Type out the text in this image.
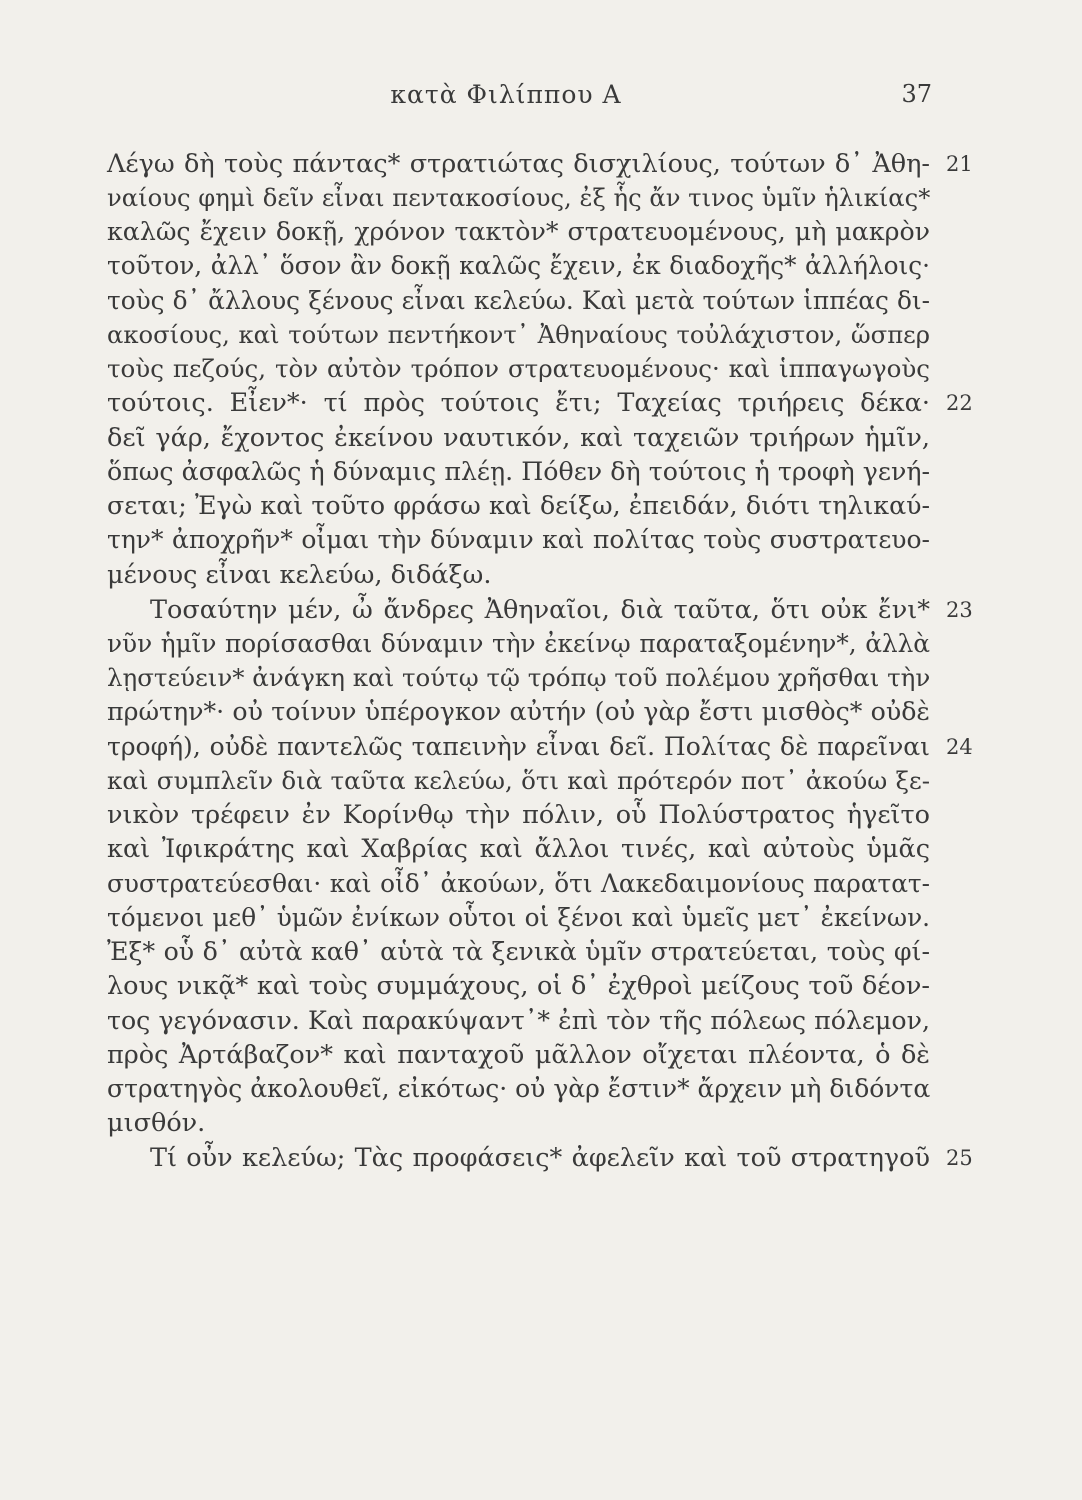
κατὰ Φιλίππου Α	37
Λέγω δὴ τοὺς πάντας* στρατιώτας δισχιλίους, τούτων δ᾽ Ἀθη-
ναίους φημὶ δεῖν εἶναι πεντακοσίους, ἐξ ἧς ἄν τινος ὑμῖν ἡλικίας*
καλῶς ἔχειν δοκῇ, χρόνον τακτὸν* στρατευομένους, μὴ μακρὸν
τοῦτον, ἀλλ᾽ ὅσον ἂν δοκῇ καλῶς ἔχειν, ἐκ διαδοχῆς* ἀλλήλοις·
τοὺς δ᾽ ἄλλους ξένους εἶναι κελεύω. Καὶ μετὰ τούτων ἱππέας δι-
ακοσίους, καὶ τούτων πεντήκοντ᾽ Ἀθηναίους τοὐλάχιστον, ὥσπερ
τοὺς πεζούς, τὸν αὐτὸν τρόπον στρατευομένους· καὶ ἱππαγωγοὺς
τούτοις. Εἶεν*· τί πρὸς τούτοις ἔτι; Ταχείας τριήρεις δέκα·
δεῖ γάρ, ἔχοντος ἐκείνου ναυτικόν, καὶ ταχειῶν τριήρων ἡμῖν,
ὅπως ἀσφαλῶς ἡ δύναμις πλέῃ. Πόθεν δὴ τούτοις ἡ τροφὴ γενή-
σεται; Ἐγὼ καὶ τοῦτο φράσω καὶ δείξω, ἐπειδάν, διότι τηλικαύ-
την* ἀποχρῆν* οἶμαι τὴν δύναμιν καὶ πολίτας τοὺς συστρατευο-
μένους εἶναι κελεύω, διδάξω.
Τοσαύτην μέν, ὦ ἄνδρες Ἀθηναῖοι, διὰ ταῦτα, ὅτι οὐκ ἔνι*
νῦν ἡμῖν πορίσασθαι δύναμιν τὴν ἐκείνῳ παραταξομένην*, ἀλλὰ
λῃστεύειν* ἀνάγκη καὶ τούτῳ τῷ τρόπῳ τοῦ πολέμου χρῆσθαι τὴν
πρώτην*· οὐ τοίνυν ὑπέρογκον αὐτήν (οὐ γὰρ ἔστι μισθὸς* οὐδὲ
τροφή), οὐδὲ παντελῶς ταπεινὴν εἶναι δεῖ. Πολίτας δὲ παρεῖναι
καὶ συμπλεῖν διὰ ταῦτα κελεύω, ὅτι καὶ πρότερόν ποτ᾽ ἀκούω ξε-
νικὸν τρέφειν ἐν Κορίνθῳ τὴν πόλιν, οὗ Πολύστρατος ἡγεῖτο
καὶ Ἰφικράτης καὶ Χαβρίας καὶ ἄλλοι τινές, καὶ αὐτοὺς ὑμᾶς
συστρατεύεσθαι· καὶ οἶδ᾽ ἀκούων, ὅτι Λακεδαιμονίους παρατατ-
τόμενοι μεθ᾽ ὑμῶν ἐνίκων οὗτοι οἱ ξένοι καὶ ὑμεῖς μετ᾽ ἐκείνων.
Ἐξ* οὗ δ᾽ αὐτὰ καθ᾽ αὑτὰ τὰ ξενικὰ ὑμῖν στρατεύεται, τοὺς φί-
λους νικᾷ* καὶ τοὺς συμμάχους, οἱ δ᾽ ἐχθροὶ μείζους τοῦ δέον-
τος γεγόνασιν. Καὶ παρακύψαντ᾽* ἐπὶ τὸν τῆς πόλεως πόλεμον,
πρὸς Ἀρτάβαζον* καὶ πανταχοῦ μᾶλλον οἴχεται πλέοντα, ὁ δὲ
στρατηγὸς ἀκολουθεῖ, εἰκότως· οὐ γὰρ ἔστιν* ἄρχειν μὴ διδόντα
μισθόν.
Τί οὖν κελεύω; Τὰς προφάσεις* ἀφελεῖν καὶ τοῦ στρατηγοῦ
21
22
23
24
25
